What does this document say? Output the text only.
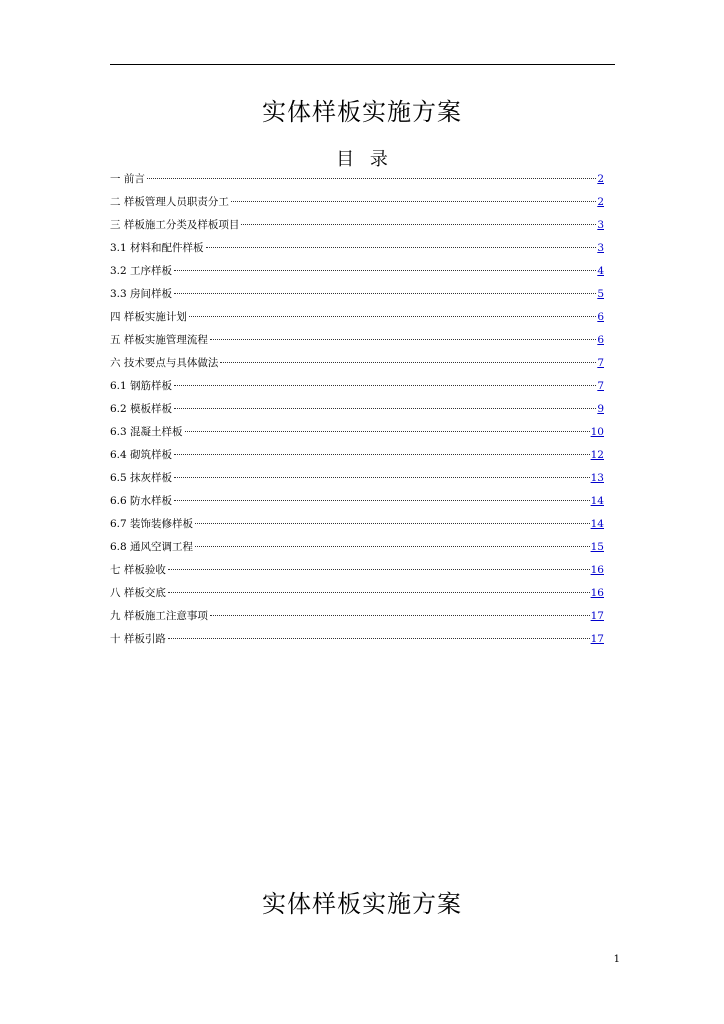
实体样板实施方案
目 录
一 前言	2
二 样板管理人员职责分工	2
三 样板施工分类及样板项目	3
3.1 材料和配件样板	3
3.2 工序样板	4
3.3 房间样板	5
四 样板实施计划	6
五 样板实施管理流程	6
六 技术要点与具体做法	7
6.1 钢筋样板	7
6.2 模板样板	9
6.3 混凝土样板	10
6.4 砌筑样板	12
6.5 抹灰样板	13
6.6 防水样板	14
6.7 装饰装修样板	14
6.8 通风空调工程	15
七 样板验收	16
八 样板交底	16
九 样板施工注意事项	17
十 样板引路	17
实体样板实施方案
1
